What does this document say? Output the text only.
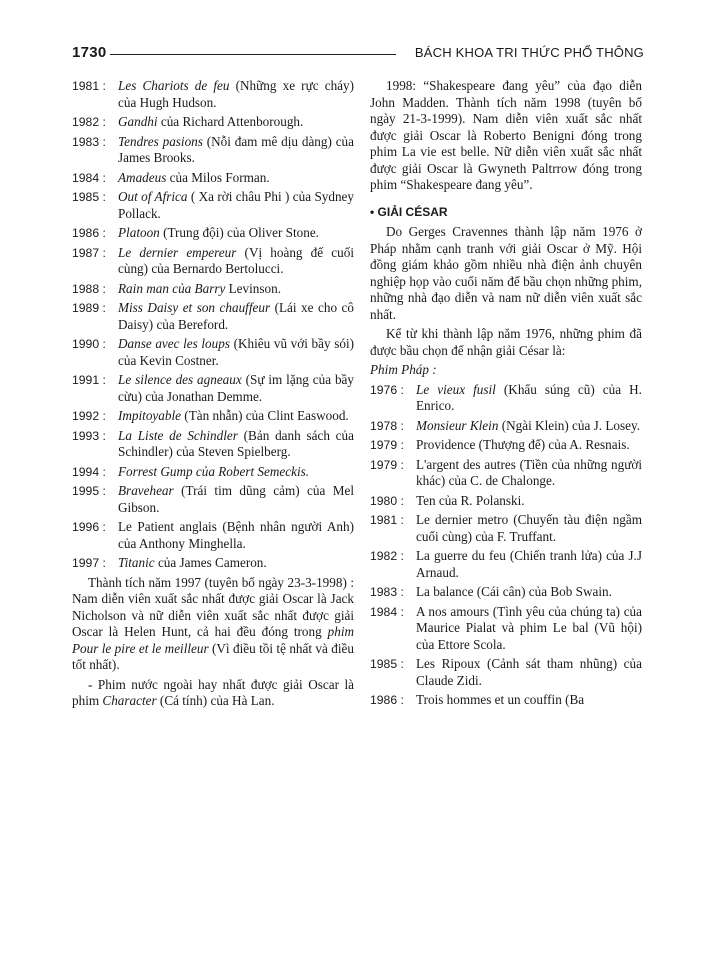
1730	BÁCH KHOA TRI THỨC PHỔ THÔNG
1981 : Les Chariots de feu (Những xe rực cháy) của Hugh Hudson.
1982 : Gandhi của Richard Attenborough.
1983 : Tendres pasions (Nỗi đam mê dịu dàng) của James Brooks.
1984 : Amadeus của Milos Forman.
1985 : Out of Africa ( Xa rời châu Phi ) của Sydney Pollack.
1986 : Platoon (Trung đội) của Oliver Stone.
1987 : Le dernier empereur (Vị hoàng đế cuối cùng) của Bernardo Bertolucci.
1988 : Rain man của Barry Levinson.
1989 : Miss Daisy et son chauffeur (Lái xe cho cô Daisy) của Bereford.
1990 : Danse avec les loups (Khiêu vũ với bầy sói) của Kevin Costner.
1991 : Le silence des agneaux (Sự im lặng của bầy cừu) của Jonathan Demme.
1992 : Impitoyable (Tàn nhẫn) của Clint Easwood.
1993 : La Liste de Schindler (Bản danh sách của Schindler) của Steven Spielberg.
1994 : Forrest Gump của Robert Semeckis.
1995 : Bravehear (Trái tim dũng cảm) của Mel Gibson.
1996 : Le Patient anglais (Bệnh nhân người Anh) của Anthony Minghella.
1997 : Titanic của James Cameron.

Thành tích năm 1997 (tuyên bố ngày 23-3-1998) : Nam diễn viên xuất sắc nhất được giải Oscar là Jack Nicholson và nữ diễn viên xuất sắc nhất được giải Oscar là Helen Hunt, cả hai đều đóng trong phim Pour le pire et le meilleur (Vì điều tồi tệ nhất và điều tốt nhất).

- Phim nước ngoài hay nhất được giải Oscar là phim Character (Cá tính) của Hà Lan.

1998: “Shakespeare đang yêu” của đạo diễn John Madden. Thành tích năm 1998 (tuyên bố ngày 21-3-1999). Nam diễn viên xuất sắc nhất được giải Oscar là Roberto Benigni đóng trong phim La vie est belle. Nữ diễn viên xuất sắc nhất được giải Oscar là Gwyneth Paltrrow đóng trong phim “Shakespeare đang yêu”.

• GIẢI CÉSAR

Do Gerges Cravennes thành lập năm 1976 ở Pháp nhằm cạnh tranh với giải Oscar ở Mỹ. Hội đồng giám khảo gồm nhiều nhà điện ảnh chuyên nghiệp họp vào cuối năm để bầu chọn những phim, những nhà đạo diễn và nam nữ diễn viên xuất sắc nhất.

Kể từ khi thành lập năm 1976, những phim đã được bầu chọn để nhận giải César là:

Phim Pháp :
1976 : Le vieux fusil (Khẩu súng cũ) của H. Enrico.
1978 : Monsieur Klein (Ngài Klein) của J. Losey.
1979 : Providence (Thượng đế) của A. Resnais.
1979 : L'argent des autres (Tiền của những người khác) của C. de Chalonge.
1980 : Ten của R. Polanski.
1981 : Le dernier metro (Chuyến tàu điện ngầm cuối cùng) của F. Truffant.
1982 : La guerre du feu (Chiến tranh lửa) của J.J Arnaud.
1983 : La balance (Cái cân) của Bob Swain.
1984 : A nos amours (Tình yêu của chúng ta) của Maurice Pialat và phim Le bal (Vũ hội) của Ettore Scola.
1985 : Les Ripoux (Cảnh sát tham nhũng) của Claude Zidi.
1986 : Trois hommes et un couffin (Ba
